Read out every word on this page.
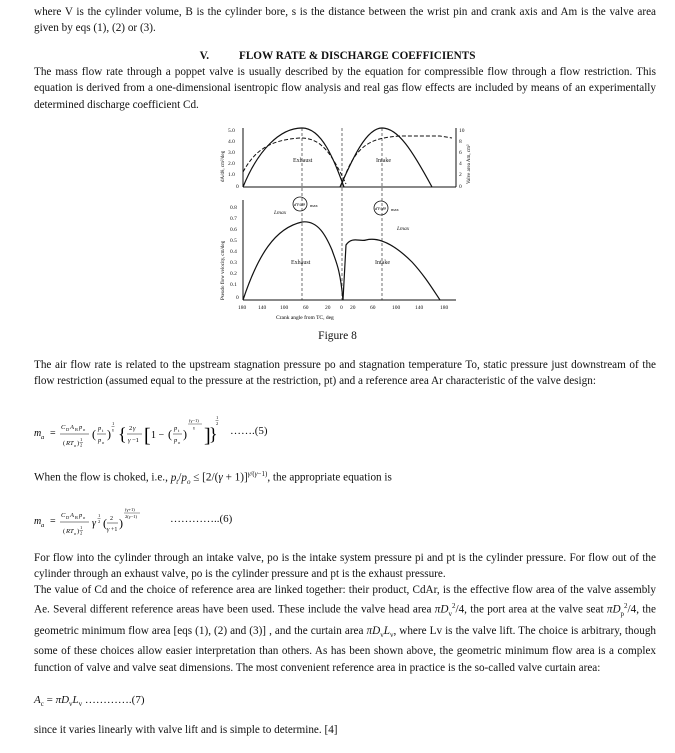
where V is the cylinder volume, B is the cylinder bore, s is the distance between the wrist pin and crank axis and Am is the valve area given by eqs (1), (2) or (3).

V.	FLOW RATE & DISCHARGE COEFFICIENTS

The mass flow rate through a poppet valve is usually described by the equation for compressible flow through a flow restriction. This equation is derived from a one-dimensional isentropic flow analysis and real gas flow effects are included by means of an experimentally determined discharge coefficient Cd.

5.0
4.0
3.0
2.0
1.0
0
10
8
6
4
2
0
0.8
0.7
0.6
0.5
0.4
0.3
0.2
0.1
0
180 140	100	60	20 0 20	60	100	140	180
Crank angle from TC, deg
dA/dθ, cm²/deg	Valve area Am, cm²
Pseudo flow velocity, cm/deg
Exhaust	Intake
Exhaust	Intake
Lmax
Lmax
dV/dθ max
dV/dθ max
Figure 8

The air flow rate is related to the upstream stagnation pressure po and stagnation temperature To, static pressure just downstream of the flow restriction (assumed equal to the pressure at the restriction, pt) and a reference area Ar characteristic of the valve design:

m a =
C D A R p o
( RT o )
1
2
( p t
p o
)
1
γ { 2 γ
γ −1 [ 1 − ( p t
p o
)
(γ−1)
γ ]
}
1
2
…….(5)
When the flow is choked, i.e., $p_t/p_o \le [2/(\gamma + 1)]^{\gamma/(\gamma-1)}$, the appropriate equation is
m a =
C D A R p o
( RT o )
1
2
γ
1
2 ( 2
γ +1 )
(γ+1)
2(γ−1)	…………..(6)

For flow into the cylinder through an intake valve, po is the intake system pressure pi and pt is the cylinder pressure. For flow out of the cylinder through an exhaust valve, po is the cylinder pressure and pt is the exhaust pressure.

The value of Cd and the choice of reference area are linked together: their product, CdAr, is the effective flow area of the valve assembly Ae. Several different reference areas have been used. These include the valve head area $\pi D_v^2/4$, the port area at the valve seat $\pi D_p^2/4$, the geometric minimum flow area [eqs (1), (2) and (3)] , and the curtain area $\pi D_vL_v$, where Lv is the valve lift. The choice is arbitrary, though some of these choices allow easier interpretation than others. As has been shown above, the geometric minimum flow area is a complex function of valve and valve seat dimensions. The most convenient reference area in practice is the so-called valve curtain area:
$A_c = \pi D_vL_v$ ………….(7)

since it varies linearly with valve lift and is simple to determine. [4]
